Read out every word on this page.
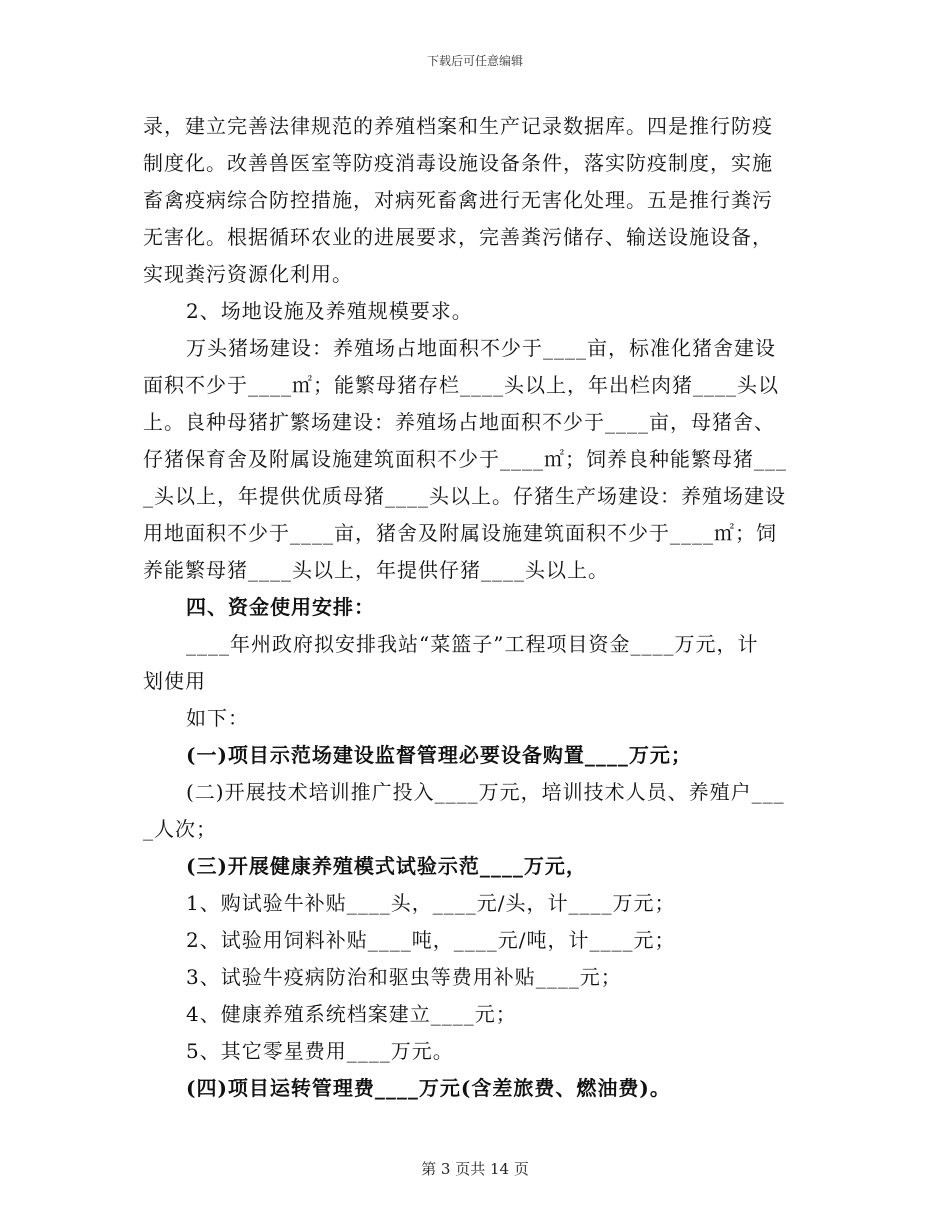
下载后可任意编辑
录，建立完善法律规范的养殖档案和生产记录数据库。四是推行防疫
制度化。改善兽医室等防疫消毒设施设备条件，落实防疫制度，实施
畜禽疫病综合防控措施，对病死畜禽进行无害化处理。五是推行粪污
无害化。根据循环农业的进展要求，完善粪污储存、输送设施设备，
实现粪污资源化利用。
2、场地设施及养殖规模要求。
万头猪场建设：养殖场占地面积不少于____亩，标准化猪舍建设
面积不少于____㎡；能繁母猪存栏____头以上，年出栏肉猪____头以
上。良种母猪扩繁场建设：养殖场占地面积不少于____亩，母猪舍、
仔猪保育舍及附属设施建筑面积不少于____㎡；饲养良种能繁母猪___
_头以上，年提供优质母猪____头以上。仔猪生产场建设：养殖场建设
用地面积不少于____亩，猪舍及附属设施建筑面积不少于____㎡；饲
养能繁母猪____头以上，年提供仔猪____头以上。
四、资金使用安排：
____年州政府拟安排我站“菜篮子”工程项目资金____万元，计
划使用
如下：
(一)项目示范场建设监督管理必要设备购置____万元；
(二)开展技术培训推广投入____万元，培训技术人员、养殖户___
_人次；
(三)开展健康养殖模式试验示范____万元，
1、购试验牛补贴____头，____元/头，计____万元；
2、试验用饲料补贴____吨，____元/吨，计____元；
3、试验牛疫病防治和驱虫等费用补贴____元；
4、健康养殖系统档案建立____元；
5、其它零星费用____万元。
(四)项目运转管理费____万元(含差旅费、燃油费)。
第 3 页共 14 页
